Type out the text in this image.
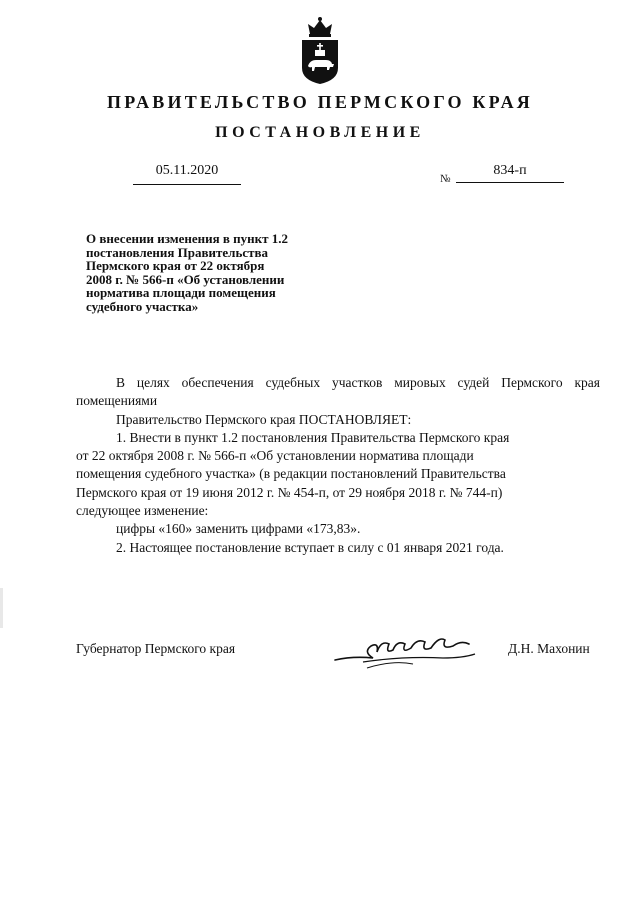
ПРАВИТЕЛЬСТВО ПЕРМСКОГО КРАЯ
ПОСТАНОВЛЕНИЕ
05.11.2020
№
834-п
О внесении изменения в пункт 1.2
постановления Правительства
Пермского края от 22 октября
2008 г. № 566-п «Об установлении
норматива площади помещения
судебного участка»

В целях обеспечения судебных участков мировых судей Пермского края помещениями

Правительство Пермского края ПОСТАНОВЛЯЕТ:

1. Внести в пункт 1.2 постановления Правительства Пермского края

от 22 октября 2008 г. № 566-п «Об установлении норматива площади

помещения судебного участка» (в редакции постановлений Правительства

Пермского края от 19 июня 2012 г. № 454-п, от 29 ноября 2018 г. № 744-п)

следующее изменение:

цифры «160» заменить цифрами «173,83».

2. Настоящее постановление вступает в силу с 01 января 2021 года.

Губернатор Пермского края	Д.Н. Махонин
